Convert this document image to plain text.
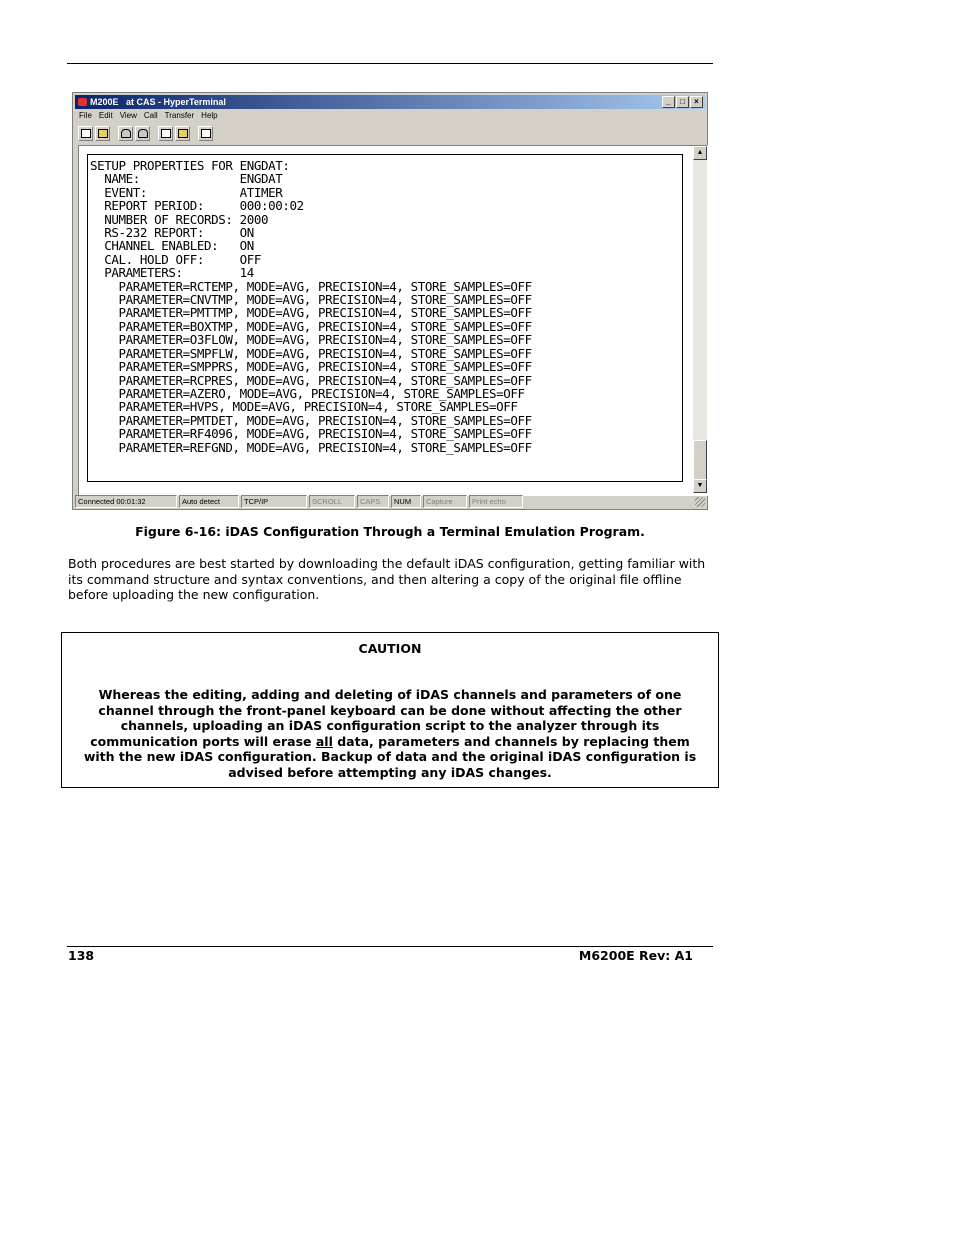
M200E   at CAS - HyperTerminal	_	□	×
File Edit View Call Transfer Help
SETUP PROPERTIES FOR ENGDAT:
NAME:              ENGDAT
EVENT:             ATIMER
REPORT PERIOD:     000:00:02
NUMBER OF RECORDS: 2000
RS-232 REPORT:     ON
CHANNEL ENABLED:   ON
CAL. HOLD OFF:     OFF
PARAMETERS:        14
PARAMETER=RCTEMP, MODE=AVG, PRECISION=4, STORE_SAMPLES=OFF
PARAMETER=CNVTMP, MODE=AVG, PRECISION=4, STORE_SAMPLES=OFF
PARAMETER=PMTTMP, MODE=AVG, PRECISION=4, STORE_SAMPLES=OFF
PARAMETER=BOXTMP, MODE=AVG, PRECISION=4, STORE_SAMPLES=OFF
PARAMETER=O3FLOW, MODE=AVG, PRECISION=4, STORE_SAMPLES=OFF
PARAMETER=SMPFLW, MODE=AVG, PRECISION=4, STORE_SAMPLES=OFF
PARAMETER=SMPPRS, MODE=AVG, PRECISION=4, STORE_SAMPLES=OFF
PARAMETER=RCPRES, MODE=AVG, PRECISION=4, STORE_SAMPLES=OFF
PARAMETER=AZERO, MODE=AVG, PRECISION=4, STORE_SAMPLES=OFF
PARAMETER=HVPS, MODE=AVG, PRECISION=4, STORE_SAMPLES=OFF
PARAMETER=PMTDET, MODE=AVG, PRECISION=4, STORE_SAMPLES=OFF
PARAMETER=RF4096, MODE=AVG, PRECISION=4, STORE_SAMPLES=OFF
PARAMETER=REFGND, MODE=AVG, PRECISION=4, STORE_SAMPLES=OFF
▲
▼
Connected 00:01:32	Auto detect	TCP/IP	SCROLL	CAPS	NUM	Capture	Print echo
Figure 6-16: iDAS Configuration Through a Terminal Emulation Program.
Both procedures are best started by downloading the default iDAS configuration, getting familiar with its command structure and syntax conventions, and then altering a copy of the original file offline before uploading the new configuration.
CAUTION
Whereas the editing, adding and deleting of iDAS channels and parameters of one channel through the front-panel keyboard can be done without affecting the other channels, uploading an iDAS configuration script to the analyzer through its communication ports will erase all data, parameters and channels by replacing them with the new iDAS configuration. Backup of data and the original iDAS configuration is advised before attempting any iDAS changes.
138	M6200E Rev: A1
